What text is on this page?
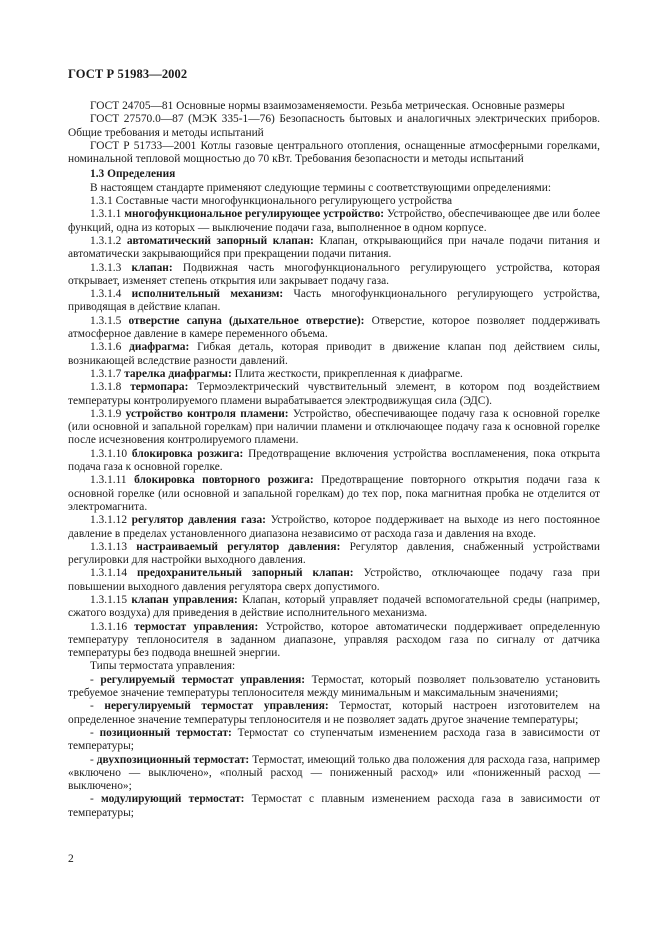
ГОСТ Р 51983—2002

ГОСТ 24705—81 Основные нормы взаимозаменяемости. Резьба метрическая. Основные размеры

ГОСТ 27570.0—87 (МЭК 335-1—76) Безопасность бытовых и аналогичных электрических приборов. Общие требования и методы испытаний

ГОСТ Р 51733—2001 Котлы газовые центрального отопления, оснащенные атмосферными горелками, номинальной тепловой мощностью до 70 кВт. Требования безопасности и методы испытаний

1.3 Определения

В настоящем стандарте применяют следующие термины с соответствующими определениями:

1.3.1 Составные части многофункционального регулирующего устройства

1.3.1.1 многофункциональное регулирующее устройство: Устройство, обеспечивающее две или более функций, одна из которых — выключение подачи газа, выполненное в одном корпусе.

1.3.1.2 автоматический запорный клапан: Клапан, открывающийся при начале подачи питания и автоматически закрывающийся при прекращении подачи питания.

1.3.1.3 клапан: Подвижная часть многофункционального регулирующего устройства, которая открывает, изменяет степень открытия или закрывает подачу газа.

1.3.1.4 исполнительный механизм: Часть многофункционального регулирующего устройства, приводящая в действие клапан.

1.3.1.5 отверстие сапуна (дыхательное отверстие): Отверстие, которое позволяет поддерживать атмосферное давление в камере переменного объема.

1.3.1.6 диафрагма: Гибкая деталь, которая приводит в движение клапан под действием силы, возникающей вследствие разности давлений.

1.3.1.7 тарелка диафрагмы: Плита жесткости, прикрепленная к диафрагме.

1.3.1.8 термопара: Термоэлектрический чувствительный элемент, в котором под воздействием температуры контролируемого пламени вырабатывается электродвижущая сила (ЭДС).

1.3.1.9 устройство контроля пламени: Устройство, обеспечивающее подачу газа к основной горелке (или основной и запальной горелкам) при наличии пламени и отключающее подачу газа к основной горелке после исчезновения контролируемого пламени.

1.3.1.10 блокировка розжига: Предотвращение включения устройства воспламенения, пока открыта подача газа к основной горелке.

1.3.1.11 блокировка повторного розжига: Предотвращение повторного открытия подачи газа к основной горелке (или основной и запальной горелкам) до тех пор, пока магнитная пробка не отделится от электромагнита.

1.3.1.12 регулятор давления газа: Устройство, которое поддерживает на выходе из него постоянное давление в пределах установленного диапазона независимо от расхода газа и давления на входе.

1.3.1.13 настраиваемый регулятор давления: Регулятор давления, снабженный устройствами регулировки для настройки выходного давления.

1.3.1.14 предохранительный запорный клапан: Устройство, отключающее подачу газа при повышении выходного давления регулятора сверх допустимого.

1.3.1.15 клапан управления: Клапан, который управляет подачей вспомогательной среды (например, сжатого воздуха) для приведения в действие исполнительного механизма.

1.3.1.16 термостат управления: Устройство, которое автоматически поддерживает определенную температуру теплоносителя в заданном диапазоне, управляя расходом газа по сигналу от датчика температуры без подвода внешней энергии.

Типы термостата управления:

- регулируемый термостат управления: Термостат, который позволяет пользователю установить требуемое значение температуры теплоносителя между минимальным и максимальным значениями;

- нерегулируемый термостат управления: Термостат, который настроен изготовителем на определенное значение температуры теплоносителя и не позволяет задать другое значение температуры;

- позиционный термостат: Термостат со ступенчатым изменением расхода газа в зависимости от температуры;

- двухпозиционный термостат: Термостат, имеющий только два положения для расхода газа, например «включено — выключено», «полный расход — пониженный расход» или «пониженный расход — выключено»;

- модулирующий термостат: Термостат с плавным изменением расхода газа в зависимости от температуры;

2
